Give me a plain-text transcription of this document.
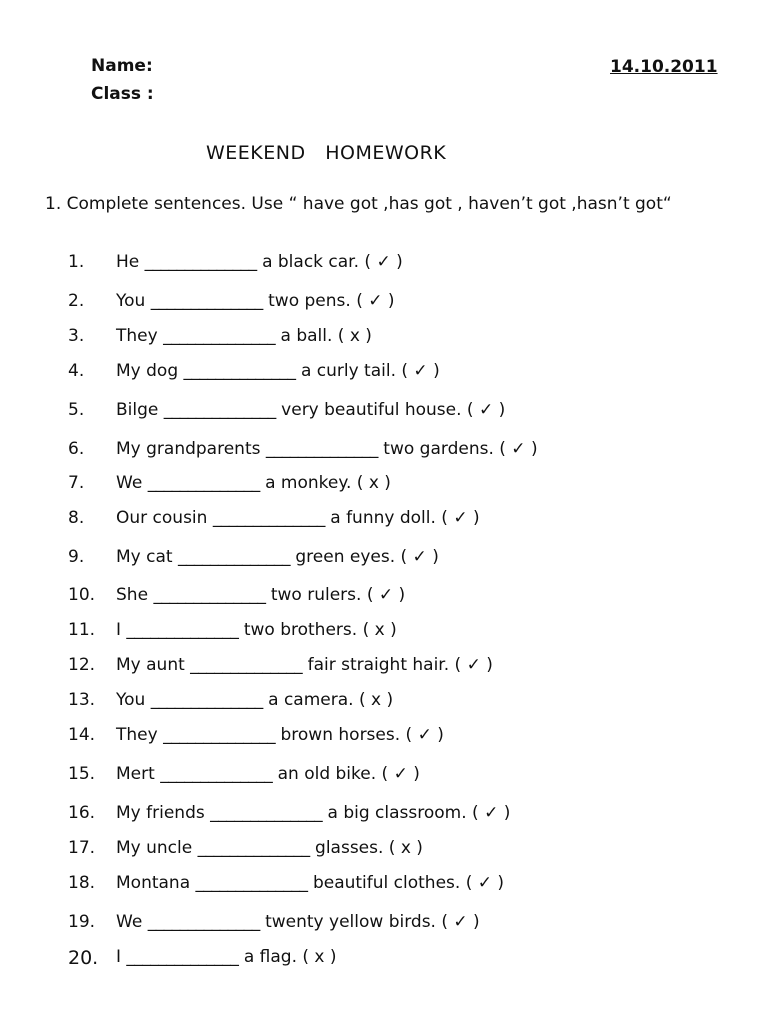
Name:
Class :
14.10.2011
WEEKEND   HOMEWORK
1. Complete sentences. Use “ have got ,has got , haven’t got ,hasn’t got“
1. He ______________ a black car. ( ✓ )
2. You ______________ two pens. ( ✓ )
3. They ______________ a ball. ( x )
4. My dog ______________ a curly tail. ( ✓ )
5. Bilge ______________ very beautiful house. ( ✓ )
6. My grandparents ______________ two gardens. ( ✓ )
7. We ______________ a monkey. ( x )
8. Our cousin ______________ a funny doll. ( ✓ )
9. My cat ______________ green eyes. ( ✓ )
10. She ______________ two rulers. ( ✓ )
11. I ______________ two brothers. ( x )
12. My aunt ______________ fair straight hair. ( ✓ )
13. You ______________ a camera. ( x )
14. They ______________ brown horses. ( ✓ )
15. Mert ______________ an old bike. ( ✓ )
16. My friends ______________ a big classroom. ( ✓ )
17. My uncle ______________ glasses. ( x )
18. Montana ______________ beautiful clothes. ( ✓ )
19. We ______________ twenty yellow birds. ( ✓ )
20. I ______________ a flag. ( x )
